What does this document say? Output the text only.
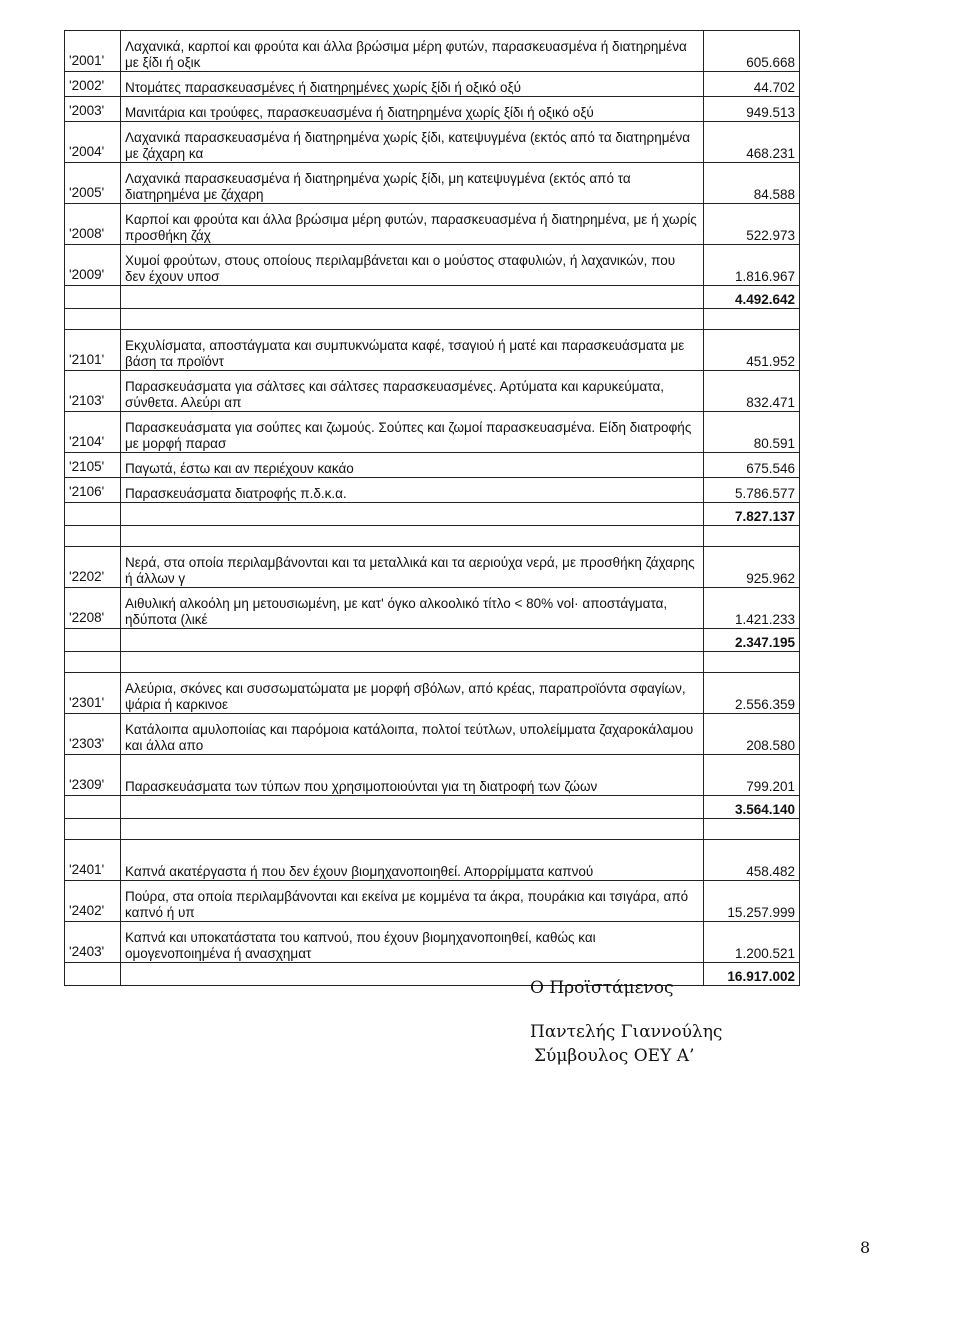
'2001'	Λαχανικά, καρποί και φρούτα και άλλα βρώσιμα μέρη φυτών, παρασκευασμένα ή διατηρημένα με ξίδι ή οξικ	605.668
'2002'	Ντομάτες παρασκευασμένες ή διατηρημένες χωρίς ξίδι ή οξικό οξύ	44.702
'2003'	Μανιτάρια και τρούφες, παρασκευασμένα ή διατηρημένα χωρίς ξίδι ή οξικό οξύ	949.513
'2004'	Λαχανικά παρασκευασμένα ή διατηρημένα χωρίς ξίδι, κατεψυγμένα (εκτός από τα διατηρημένα με ζάχαρη κα	468.231
'2005'	Λαχανικά παρασκευασμένα ή διατηρημένα χωρίς ξίδι, μη κατεψυγμένα (εκτός από τα διατηρημένα με ζάχαρη	84.588
'2008'	Καρποί και φρούτα και άλλα βρώσιμα μέρη φυτών, παρασκευασμένα ή διατηρημένα, με ή χωρίς προσθήκη ζάχ	522.973
'2009'	Χυμοί φρούτων, στους οποίους περιλαμβάνεται και ο μούστος σταφυλιών, ή λαχανικών, που δεν έχουν υποσ	1.816.967
		4.492.642

'2101'	Εκχυλίσματα, αποστάγματα και συμπυκνώματα καφέ, τσαγιού ή ματέ και παρασκευάσματα με βάση τα προϊόντ	451.952
'2103'	Παρασκευάσματα για σάλτσες και σάλτσες παρασκευασμένες. Αρτύματα και καρυκεύματα, σύνθετα. Αλεύρι απ	832.471
'2104'	Παρασκευάσματα για σούπες και ζωμούς. Σούπες και ζωμοί παρασκευασμένα. Είδη διατροφής με μορφή παρασ	80.591
'2105'	Παγωτά, έστω και αν περιέχουν κακάο	675.546
'2106'	Παρασκευάσματα διατροφής π.δ.κ.α.	5.786.577
		7.827.137

'2202'	Νερά, στα οποία περιλαμβάνονται και τα μεταλλικά και τα αεριούχα νερά, με προσθήκη ζάχαρης ή άλλων γ	925.962
'2208'	Αιθυλική αλκοόλη μη μετουσιωμένη, με κατ' όγκο αλκοολικό τίτλο < 80% vol· αποστάγματα, ηδύποτα (λικέ	1.421.233
		2.347.195

'2301'	Αλεύρια, σκόνες και συσσωματώματα με μορφή σβόλων, από κρέας, παραπροϊόντα σφαγίων, ψάρια ή καρκινοε	2.556.359
'2303'	Κατάλοιπα αμυλοποιίας και παρόμοια κατάλοιπα, πολτοί τεύτλων, υπολείμματα ζαχαροκάλαμου και άλλα απο	208.580
'2309'	Παρασκευάσματα των τύπων που χρησιμοποιούνται για τη διατροφή των ζώων	799.201
		3.564.140

'2401'	Καπνά ακατέργαστα ή που δεν έχουν βιομηχανοποιηθεί. Απορρίμματα καπνού	458.482
'2402'	Πούρα, στα οποία περιλαμβάνονται και εκείνα με κομμένα τα άκρα, πουράκια και τσιγάρα, από καπνό ή υπ	15.257.999
'2403'	Καπνά και υποκατάστατα του καπνού, που έχουν βιομηχανοποιηθεί, καθώς και ομογενοποιημένα ή ανασχηματ	1.200.521
		16.917.002
Ο Προϊστάμενος
Παντελής Γιαννούλης
Σύμβουλος ΟΕΥ Α’
8
